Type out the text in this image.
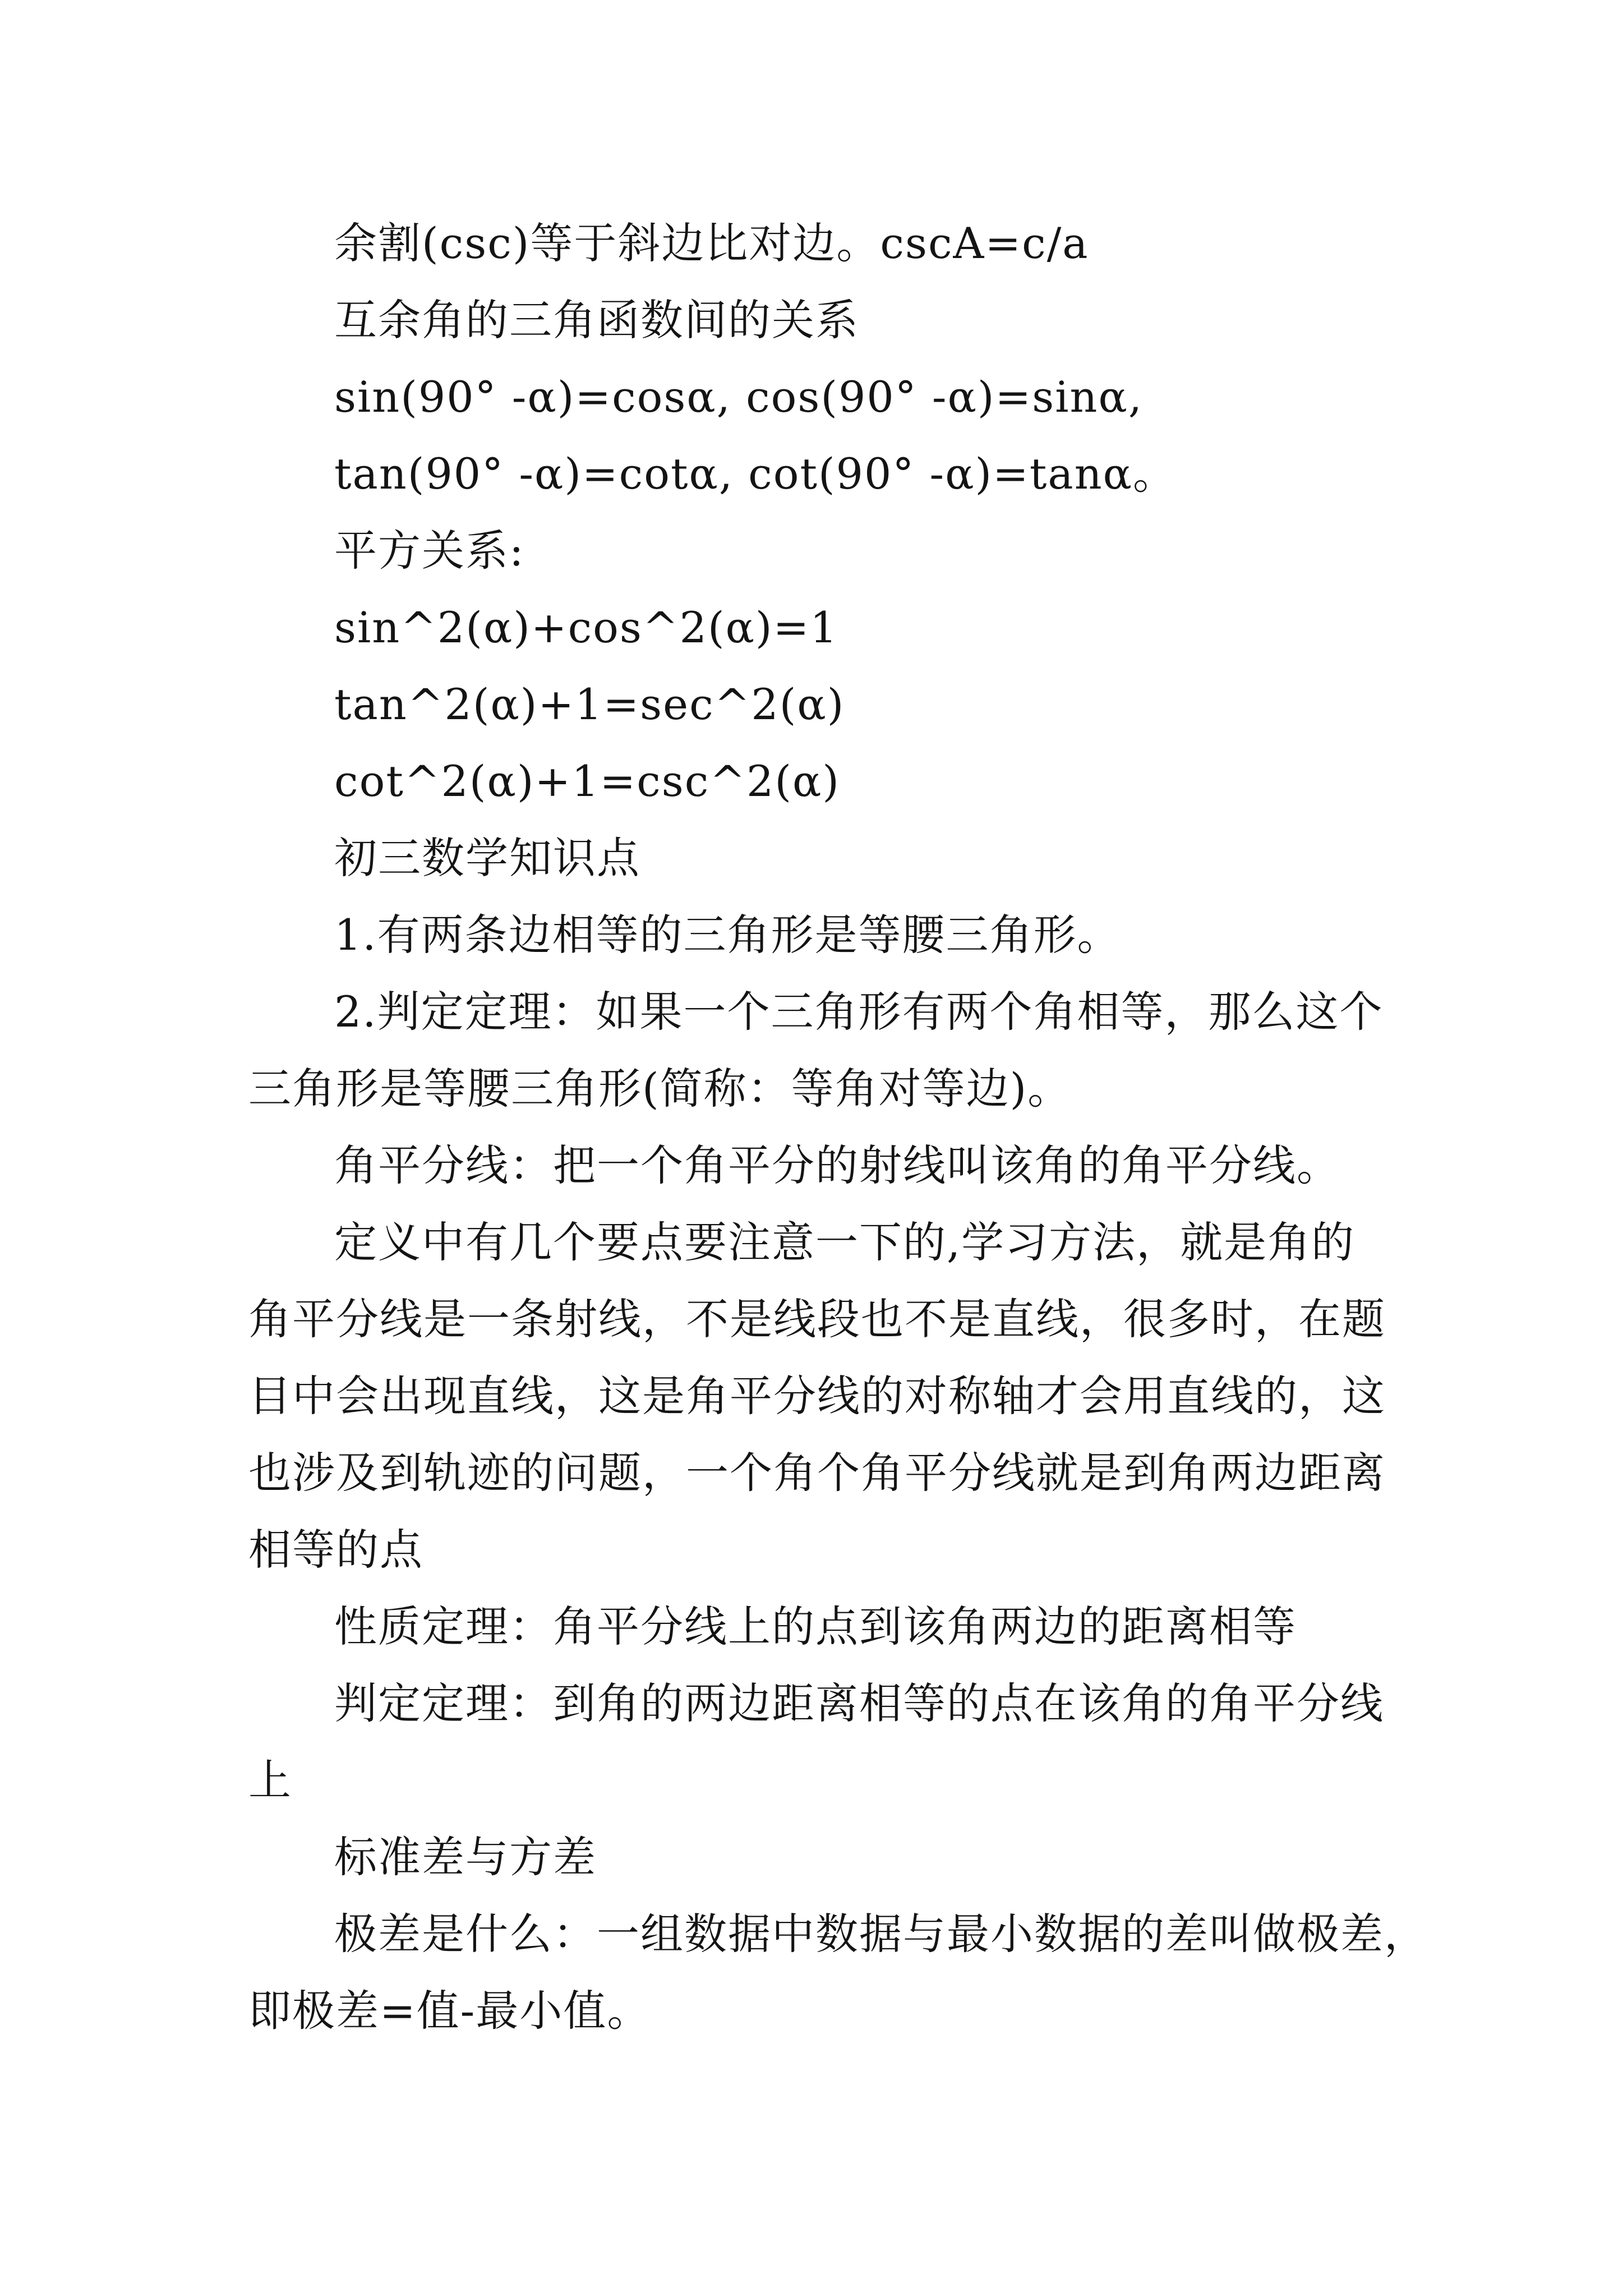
余割(csc)等于斜边比对边。cscA=c/a
互余角的三角函数间的关系
sin(90° -α)=cosα, cos(90° -α)=sinα,
tan(90° -α)=cotα, cot(90° -α)=tanα。
平方关系:
sin^2(α)+cos^2(α)=1
tan^2(α)+1=sec^2(α)
cot^2(α)+1=csc^2(α)
初三数学知识点
1.有两条边相等的三角形是等腰三角形。
2.判定定理：如果一个三角形有两个角相等，那么这个
三角形是等腰三角形(简称：等角对等边)。
角平分线：把一个角平分的射线叫该角的角平分线。
定义中有几个要点要注意一下的,学习方法，就是角的
角平分线是一条射线，不是线段也不是直线，很多时，在题
目中会出现直线，这是角平分线的对称轴才会用直线的，这
也涉及到轨迹的问题，一个角个角平分线就是到角两边距离
相等的点
性质定理：角平分线上的点到该角两边的距离相等
判定定理：到角的两边距离相等的点在该角的角平分线
上
标准差与方差
极差是什么：一组数据中数据与最小数据的差叫做极差，
即极差=值-最小值。
